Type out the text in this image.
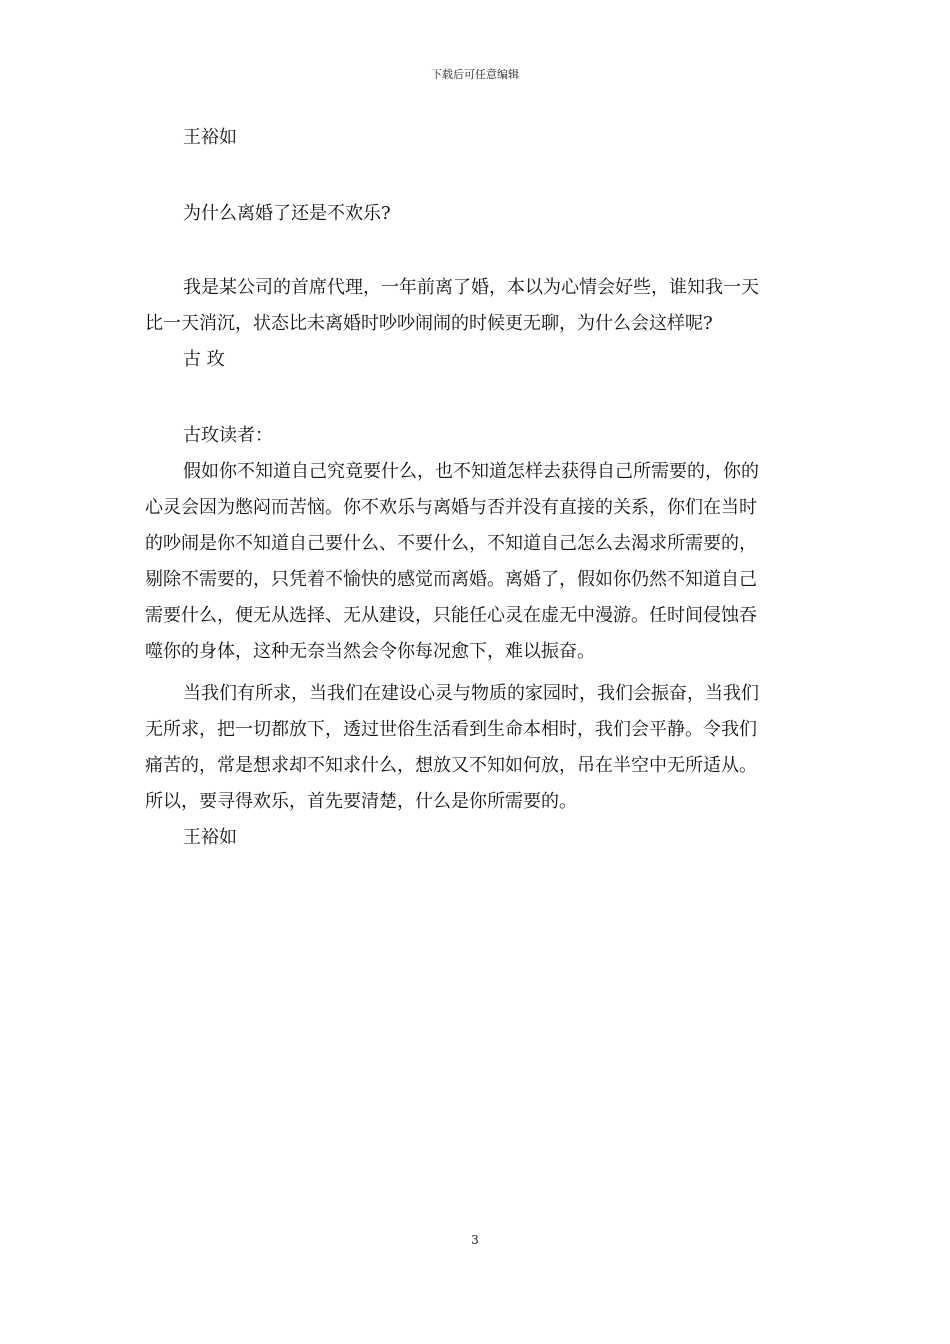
下载后可任意编辑
王裕如
为什么离婚了还是不欢乐?
我是某公司的首席代理，一年前离了婚，本以为心情会好些，谁知我一天
比一天消沉，状态比未离婚时吵吵闹闹的时候更无聊，为什么会这样呢?
古 玫
古玫读者：
假如你不知道自己究竟要什么，也不知道怎样去获得自己所需要的，你的
心灵会因为憋闷而苦恼。你不欢乐与离婚与否并没有直接的关系，你们在当时
的吵闹是你不知道自己要什么、不要什么，不知道自己怎么去渴求所需要的，
剔除不需要的，只凭着不愉快的感觉而离婚。离婚了，假如你仍然不知道自己
需要什么，便无从选择、无从建设，只能任心灵在虚无中漫游。任时间侵蚀吞
噬你的身体，这种无奈当然会令你每况愈下，难以振奋。
当我们有所求，当我们在建设心灵与物质的家园时，我们会振奋，当我们
无所求，把一切都放下，透过世俗生活看到生命本相时，我们会平静。令我们
痛苦的，常是想求却不知求什么，想放又不知如何放，吊在半空中无所适从。
所以，要寻得欢乐，首先要清楚，什么是你所需要的。
王裕如
3
